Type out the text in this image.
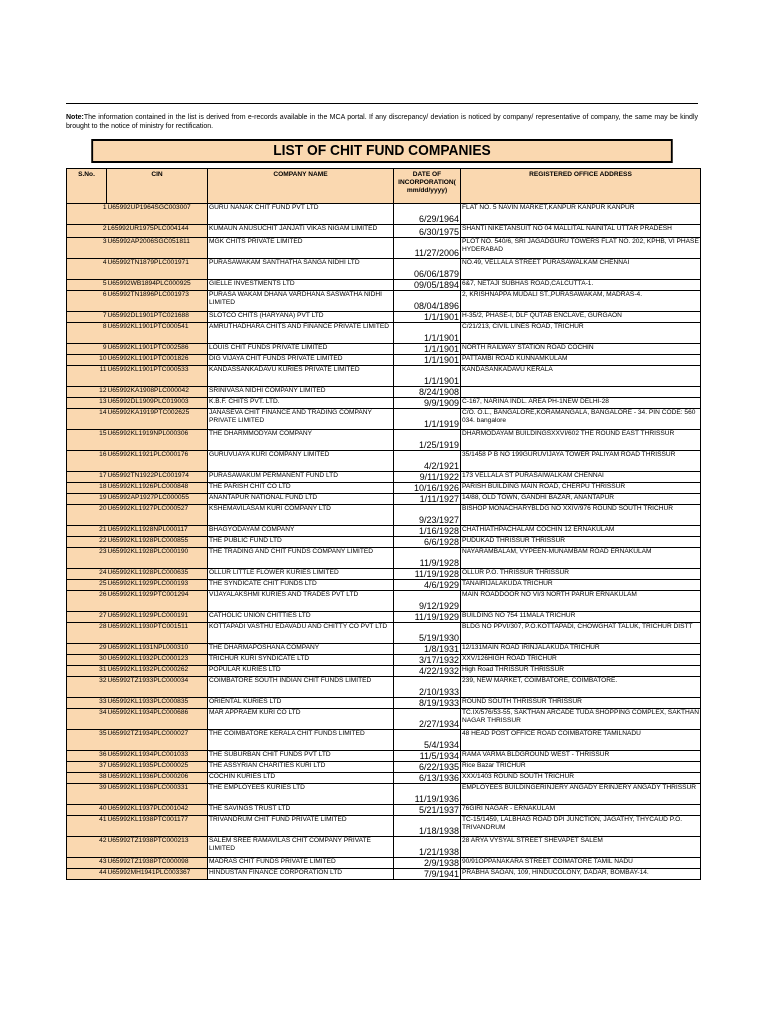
Note:The information contained in the list is derived from e-records available in the MCA portal. If any discrepancy/ deviation is noticed by company/ representative of company, the same may be kindly brought to the notice of ministry for rectification.
LIST OF CHIT FUND COMPANIES
S.No.	CIN	COMPANY NAME	DATE OF INCORPORATION( mm/dd/yyyy)	REGISTERED OFFICE ADDRESS
1	U65992UP1964SGC003007	GURU NANAK CHIT FUND PVT LTD	6/29/1964	FLAT NO. 5 NAVIN MARKET,KANPUR KANPUR KANPUR
2	L65992UR1975PLC004144	KUMAUN ANUSUCHIT JANJATI VIKAS NIGAM LIMITED	6/30/1975	SHANTI NIKETANSUIT NO 04 MALLITAL NAINITAL UTTAR PRADESH
3	U65992AP2006SGC051811	MGK CHITS PRIVATE LIMITED	11/27/2006	PLOT NO. 540/6, SRI JAGADGURU TOWERS FLAT NO. 202, KPHB, VI PHASE HYDERABAD
4	U65992TN1879PLC001971	PURASAWAKAM SANTHATHA SANGA NIDHI LTD	06/06/1879	NO.49, VELLALA STREET PURASAWALKAM CHENNAI
5	U65992WB1894PLC000925	GIELLE INVESTMENTS LTD	09/05/1894	6&7, NETAJI SUBHAS ROAD,CALCUTTA-1.
6	U65992TN1896PLC001973	PURASA WAKAM DHANA VARDHANA SASWATHA NIDHI LIMITED	08/04/1896	2, KRISHNAPPA MUDALI ST.,PURASAWAKAM, MADRAS-4.
7	U65992DL1901PTC021688	SLOTCO CHITS (HARYANA) PVT LTD	1/1/1901	H-35/2, PHASE-I, DLF QUTAB ENCLAVE, GURGAON
8	U65992KL1901PTC000541	AMRUTHADHARA CHITS AND FINANCE PRIVATE LIMITED	1/1/1901	C/21/213, CIVIL LINES ROAD, TRICHUR
9	U65992KL1901PTC002586	LOUIS CHIT FUNDS PRIVATE LIMITED	1/1/1901	NORTH RAILWAY STATION ROAD COCHIN
10	U65992KL1901PTC001826	DIG VIJAYA CHIT FUNDS PRIVATE LIMITED	1/1/1901	PATTAMBI ROAD KUNNAMKULAM
11	U65992KL1901PTC000533	KANDASSANKADAVU KURIES PRIVATE LIMITED	1/1/1901	KANDASANKADAVU KERALA
12	U65992KA1908PLC000042	SRINIVASA NIDHI COMPANY LIMITED	8/24/1908	
13	U65992DL1909PLC019003	K.B.F. CHITS PVT. LTD.	9/9/1909	C-167, NARINA INDL. AREA PH-1NEW DELHI-28
14	U65992KA1919PTC002625	JANASEVA CHIT FINANCE AND TRADING COMPANY PRIVATE LIMITED	1/1/1919	C/O. O.L., BANGALORE,KORAMANGALA, BANGALORE - 34. PIN CODE: 560 034. bangalore
15	U65992KL1919NPL000306	THE DHARMMODYAM COMPANY	1/25/1919	DHARMODAYAM BUILDINGSXXVI/602 THE ROUND EAST THRISSUR
16	U65992KL1921PLC000176	GURUVUAYA KURI COMPANY LIMITED	4/2/1921	35/1458 P B NO 199GURUVIJAYA TOWER PALIYAM ROAD THRISSUR
17	U65992TN1922PLC001974	PURASAWAKUM PERMANENT FUND LTD	9/11/1922	173 VELLALA ST PURASAIWALKAM CHENNAI
18	U65992KL1926PLC000848	THE PARISH CHIT CO LTD	10/16/1926	PARISH BUILDING MAIN ROAD, CHERPU THRISSUR
19	U65992AP1927PLC000055	ANANTAPUR NATIONAL FUND LTD	1/11/1927	14/88, OLD TOWN, GANDHI BAZAR, ANANTAPUR
20	U65992KL1927PLC000527	KSHEMAVILASAM KURI COMPANY LTD	9/23/1927	BISHOP MONACHARYBLDG NO XXIV/976 ROUND SOUTH TRICHUR
21	U65992KL1928NPL000117	BHAGYODAYAM COMPANY	1/16/1928	CHATHIATHPACHALAM COCHIN 12 ERNAKULAM
22	U65992KL1928PLC000855	THE PUBLIC FUND LTD	6/6/1928	PUDUKAD THRISSUR THRISSUR
23	U65992KL1928PLC000190	THE TRADING AND CHIT FUNDS COMPANY LIMITED	11/9/1928	NAYARAMBALAM, VYPEEN-MUNAMBAM ROAD ERNAKULAM
24	U65992KL1928PLC000635	OLLUR LITTLE FLOWER KURIES LIMITED	11/19/1928	OLLUR P.O. THRISSUR THRISSUR
25	U65992KL1929PLC000193	THE SYNDICATE CHIT FUNDS LTD	4/6/1929	TANAIRIJALAKUDA TRICHUR
26	U65992KL1929PTC001294	VIJAYALAKSHMI KURIES AND TRADES PVT LTD	9/12/1929	MAIN ROADDOOR NO VI/3 NORTH PARUR ERNAKULAM
27	U65992KL1929PLC000191	CATHOLIC UNION CHITTIES LTD	11/19/1929	BUILDING NO 754 11MALA TRICHUR
28	U65992KL1930PTC001511	KOTTAPADI VASTHU EDAVADU AND CHITTY CO PVT LTD	5/19/1930	BLDG NO PPVI/307, P.O.KOTTAPADI, CHOWGHAT TALUK, TRICHUR DISTT
29	U65992KL1931NPL000310	THE DHARMAPOSHANA COMPANY	1/8/1931	12/131MAIN ROAD IRINJALAKUDA TRICHUR
30	U65992KL1932PLC000123	TRICHUR KURI SYNDICATE LTD	3/17/1932	XXV/126HIGH ROAD TRICHUR
31	U65992KL1932PLC000262	POPULAR KURIES LTD	4/22/1932	High Road THRISSUR THRISSUR
32	U65992TZ1933PLC000034	COIMBATORE SOUTH INDIAN CHIT FUNDS LIMITED	2/10/1933	239, NEW MARKET, COIMBATORE, COIMBATORE.
33	U65992KL1933PLC000835	ORIENTAL KURIES LTD	8/19/1933	ROUND SOUTH THRISSUR THRISSUR
34	U65992KL1934PLC000686	MAR APPRAEM KURI CO LTD	2/27/1934	TC.IX/576/53-55, SAKTHAN ARCADE TUDA SHOPPING COMPLEX, SAKTHAN NAGAR THRISSUR
35	U65992TZ1934PLC000027	THE COIMBATORE KERALA CHIT FUNDS LIMITED	5/4/1934	48 HEAD POST OFFICE ROAD COIMBATORE TAMILNADU
36	U65992KL1934PLC001033	THE SUBURBAN CHIT FUNDS PVT LTD	11/5/1934	RAMA VARMA BLDGROUND WEST - THRISSUR
37	U65992KL1935PLC000025	THE ASSYRIAN CHARITIES KURI LTD	6/22/1935	Rice Bazar TRICHUR
38	U65992KL1936PLC000206	COCHIN KURIES LTD	6/13/1936	XXX/1403 ROUND SOUTH TRICHUR
39	U65992KL1936PLC000331	THE EMPLOYEES KURIES LTD	11/19/1936	EMPLOYEES BUILDINGERINJERY ANGADY ERINJERY ANGADY THRISSUR
40	U65992KL1937PLC001042	THE SAVINGS TRUST LTD	5/21/1937	76GIRI NAGAR - ERNAKULAM
41	U65992KL1938PTC001177	TRIVANDRUM CHIT FUND PRIVATE LIMITED	1/18/1938	TC-15/1459, LALBHAG ROAD DPI JUNCTION, JAGATHY, THYCAUD P.O. TRIVANDRUM
42	U65992TZ1938PTC000213	SALEM SREE RAMAVILAS CHIT COMPANY PRIVATE LIMITED	1/21/1938	28 ARYA VYSYAL STREET SHEVAPET SALEM
43	U65992TZ1938PTC000098	MADRAS CHIT FUNDS PRIVATE LIMITED	2/9/1938	90/91OPPANAKARA STREET COIMATORE TAMIL NADU
44	U65992MH1941PLC003367	HINDUSTAN FINANCE CORPORATION LTD	7/9/1941	PRABHA SAOAN, 109, HINDUCOLONY, DADAR, BOMBAY-14.
